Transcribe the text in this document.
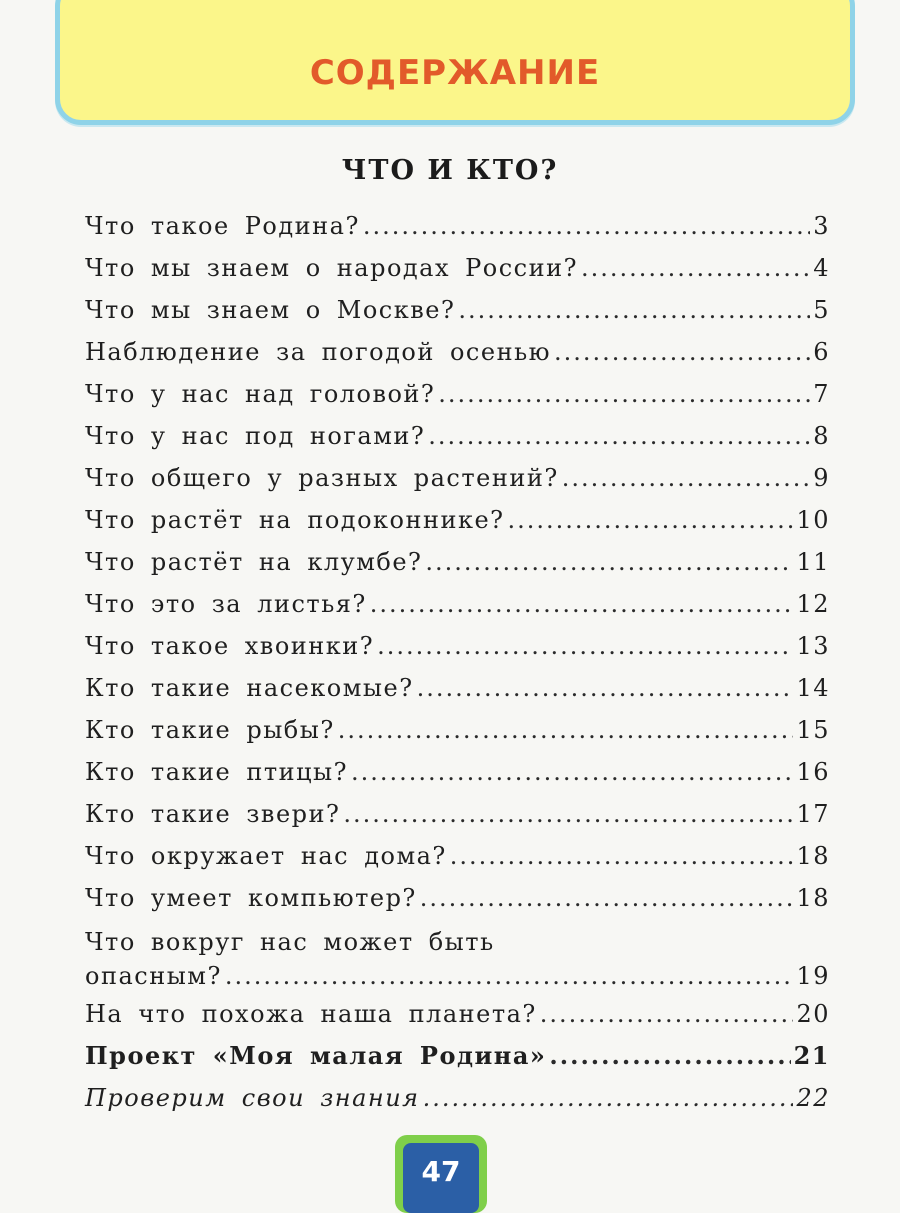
СОДЕРЖАНИЕ
ЧТО И КТО?
Что такое Родина? .....	3
Что мы знаем о народах России? .....	4
Что мы знаем о Москве? .....	5
Наблюдение за погодой осенью .....	6
Что у нас над головой? .....	7
Что у нас под ногами? .....	8
Что общего у разных растений? .....	9
Что растёт на подоконнике? .....	10
Что растёт на клумбе? .....	11
Что это за листья? .....	12
Что такое хвоинки? .....	13
Кто такие насекомые? .....	14
Кто такие рыбы? .....	15
Кто такие птицы? .....	16
Кто такие звери? .....	17
Что окружает нас дома? .....	18
Что умеет компьютер? .....	18
Что вокруг нас может быть
опасным? .....	19
На что похожа наша планета? .....	20
Проект «Моя малая Родина» .....	21
Проверим свои знания .....	22
47
